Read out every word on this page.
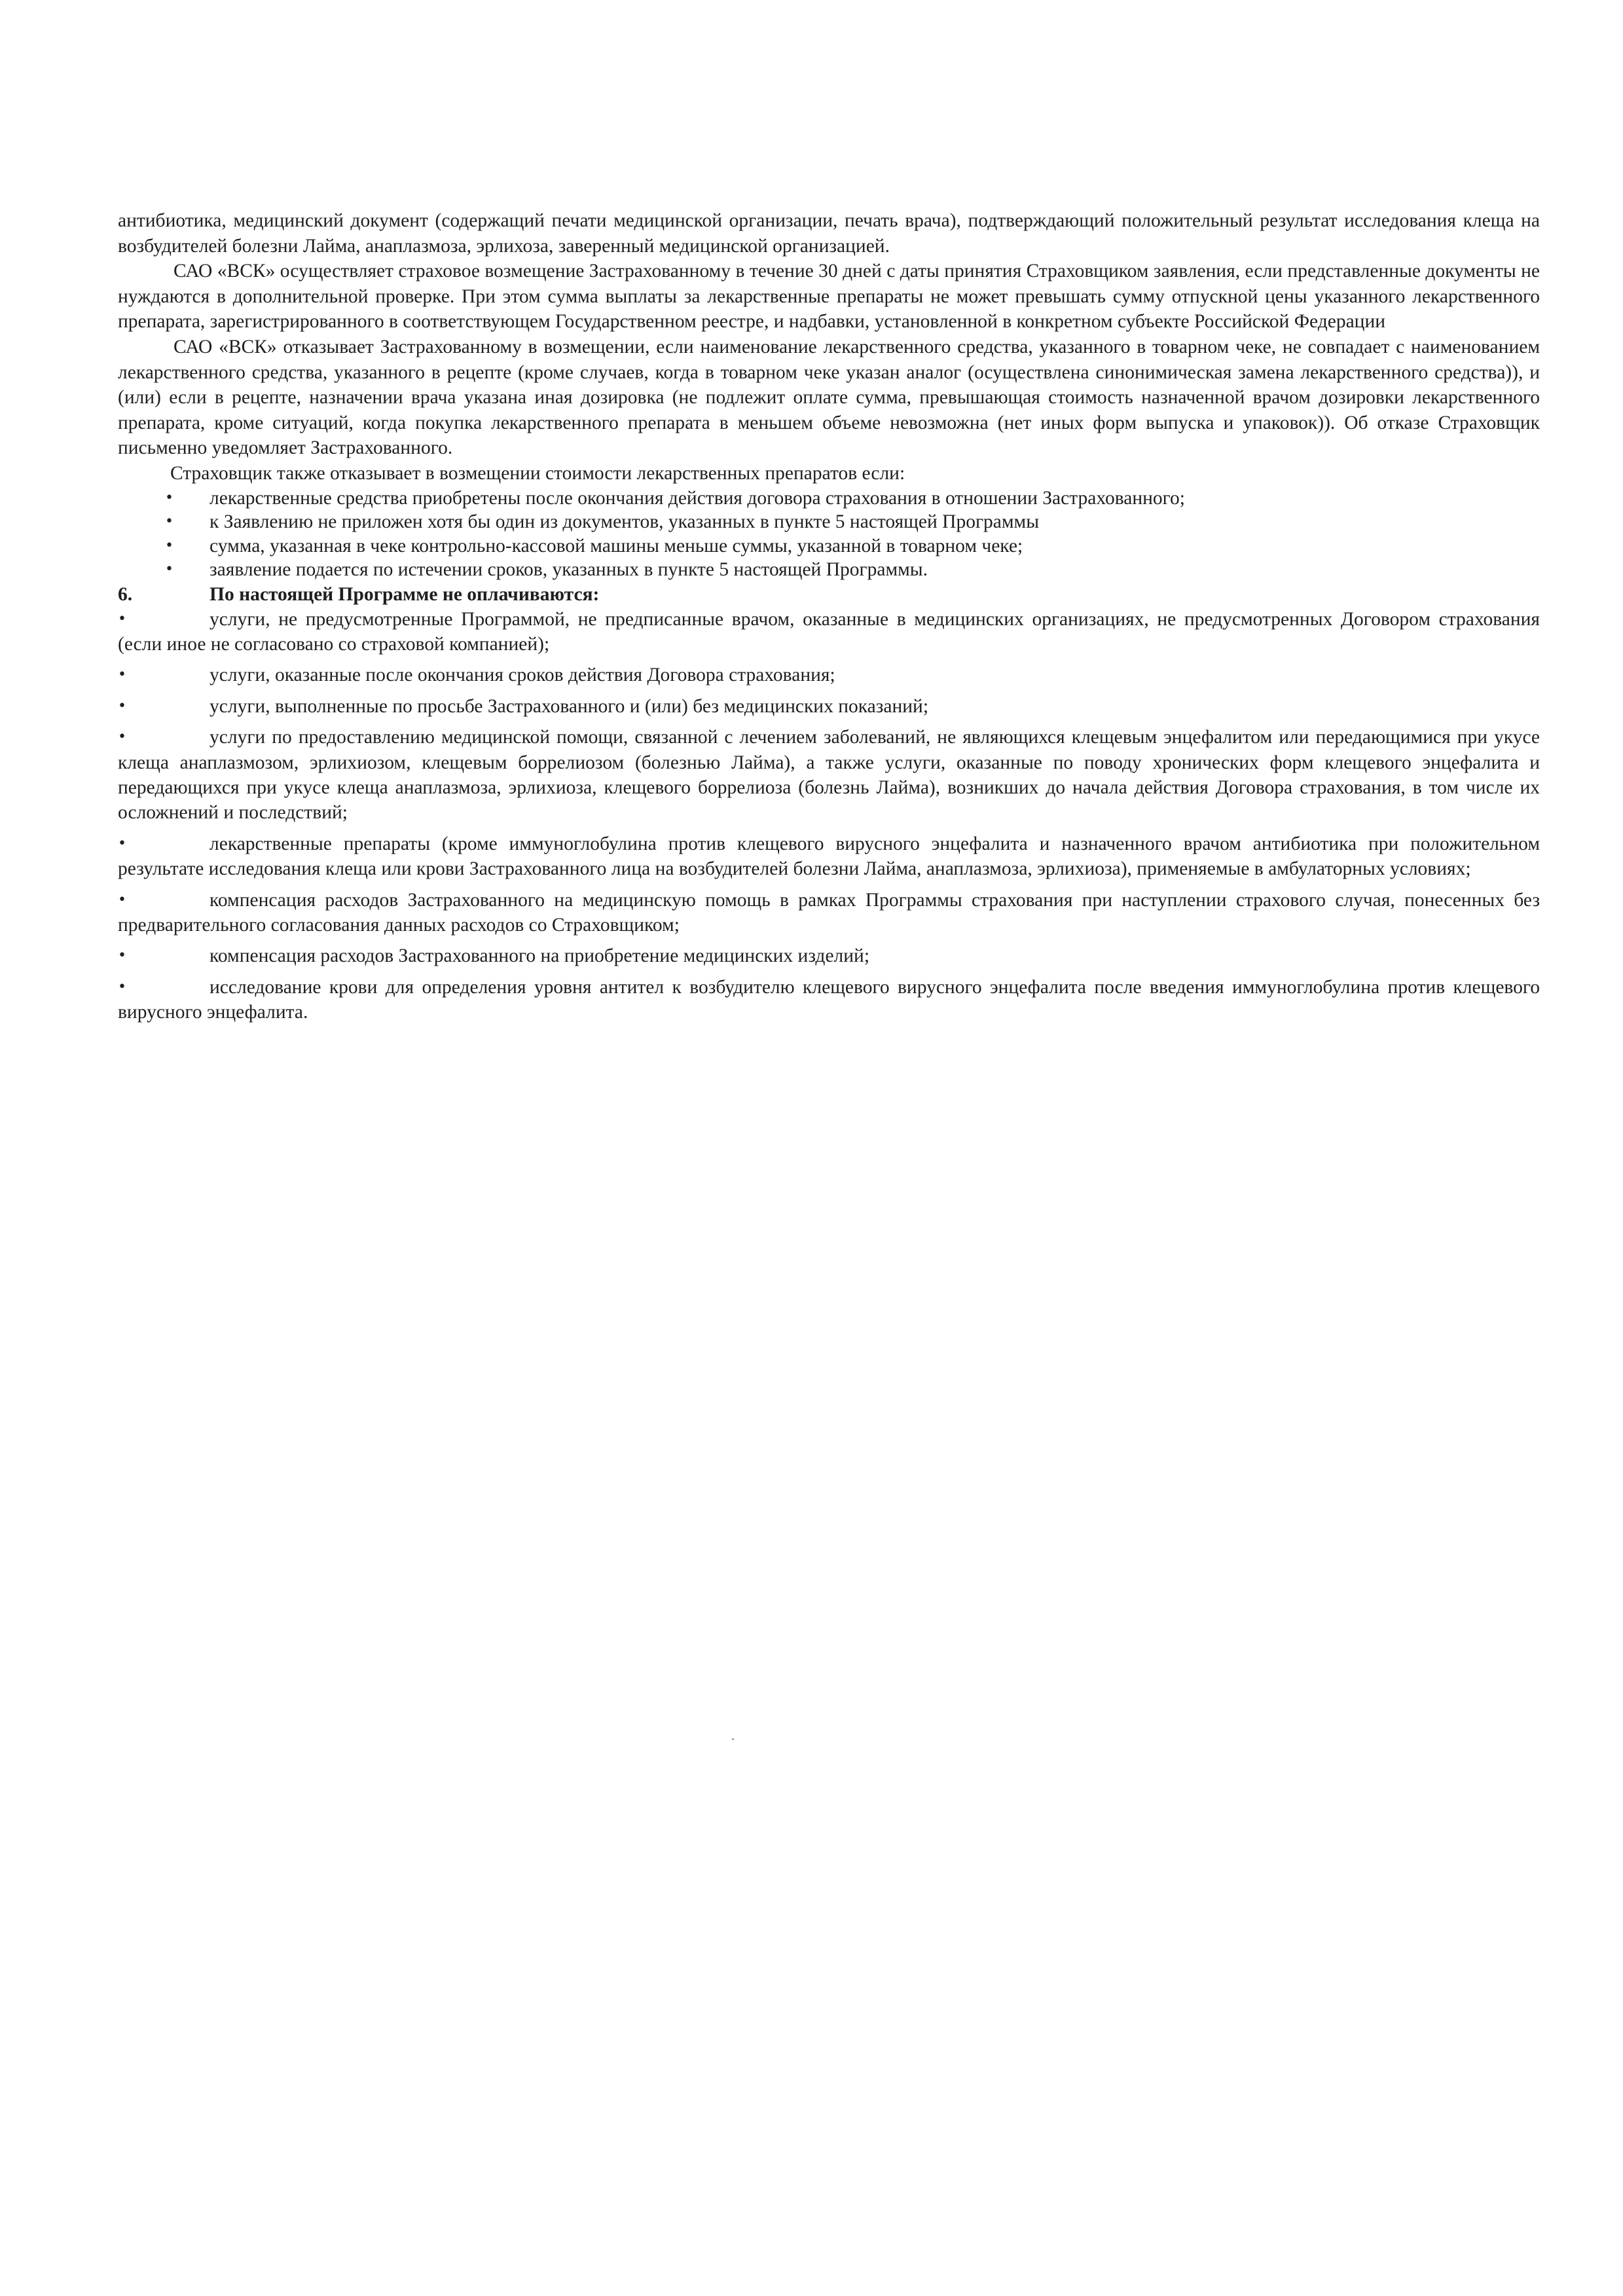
антибиотика, медицинский документ (содержащий печати медицинской организации, печать врача), подтверждающий положительный результат исследования клеща на возбудителей болезни Лайма, анаплазмоза, эрлихоза, заверенный медицинской организацией.

САО «ВСК» осуществляет страховое возмещение Застрахованному в течение 30 дней с даты принятия Страховщиком заявления, если представленные документы не нуждаются в дополнительной проверке. При этом сумма выплаты за лекарственные препараты не может превышать сумму отпускной цены указанного лекарственного препарата, зарегистрированного в соответствующем Государственном реестре, и надбавки, установленной в конкретном субъекте Российской Федерации

САО «ВСК» отказывает Застрахованному в возмещении, если наименование лекарственного средства, указанного в товарном чеке, не совпадает с наименованием лекарственного средства, указанного в рецепте (кроме случаев, когда в товарном чеке указан аналог (осуществлена синонимическая замена лекарственного средства)), и (или) если в рецепте, назначении врача указана иная дозировка (не подлежит оплате сумма, превышающая стоимость назначенной врачом дозировки лекарственного препарата, кроме ситуаций, когда покупка лекарственного препарата в меньшем объеме невозможна (нет иных форм выпуска и упаковок)). Об отказе Страховщик письменно уведомляет Застрахованного.

Страховщик также отказывает в возмещении стоимости лекарственных препаратов если:

• лекарственные средства приобретены после окончания действия договора страхования в отношении Застрахованного;
• к Заявлению не приложен хотя бы один из документов, указанных в пункте 5 настоящей Программы
• сумма, указанная в чеке контрольно-кассовой машины меньше суммы, указанной в товарном чеке;
• заявление подается по истечении сроков, указанных в пункте 5 настоящей Программы.
6.	По настоящей Программе не оплачиваются:
•	услуги, не предусмотренные Программой, не предписанные врачом, оказанные в медицинских организациях, не предусмотренных Договором страхования (если иное не согласовано со страховой компанией);
•	услуги, оказанные после окончания сроков действия Договора страхования;
•	услуги, выполненные по просьбе Застрахованного и (или) без медицинских показаний;
•	услуги по предоставлению медицинской помощи, связанной с лечением заболеваний, не являющихся клещевым энцефалитом или передающимися при укусе клеща анаплазмозом, эрлихиозом, клещевым боррелиозом (болезнью Лайма), а также услуги, оказанные по поводу хронических форм клещевого энцефалита и передающихся при укусе клеща анаплазмоза, эрлихиоза, клещевого боррелиоза (болезнь Лайма), возникших до начала действия Договора страхования, в том числе их осложнений и последствий;
•	лекарственные препараты (кроме иммуноглобулина против клещевого вирусного энцефалита и назначенного врачом антибиотика при положительном результате исследования клеща или крови Застрахованного лица на возбудителей болезни Лайма, анаплазмоза, эрлихиоза), применяемые в амбулаторных условиях;
•	компенсация расходов Застрахованного на медицинскую помощь в рамках Программы страхования при наступлении страхового случая, понесенных без предварительного согласования данных расходов со Страховщиком;
•	компенсация расходов Застрахованного на приобретение медицинских изделий;
•	исследование крови для определения уровня антител к возбудителю клещевого вирусного энцефалита после введения иммуноглобулина против клещевого вирусного энцефалита.
